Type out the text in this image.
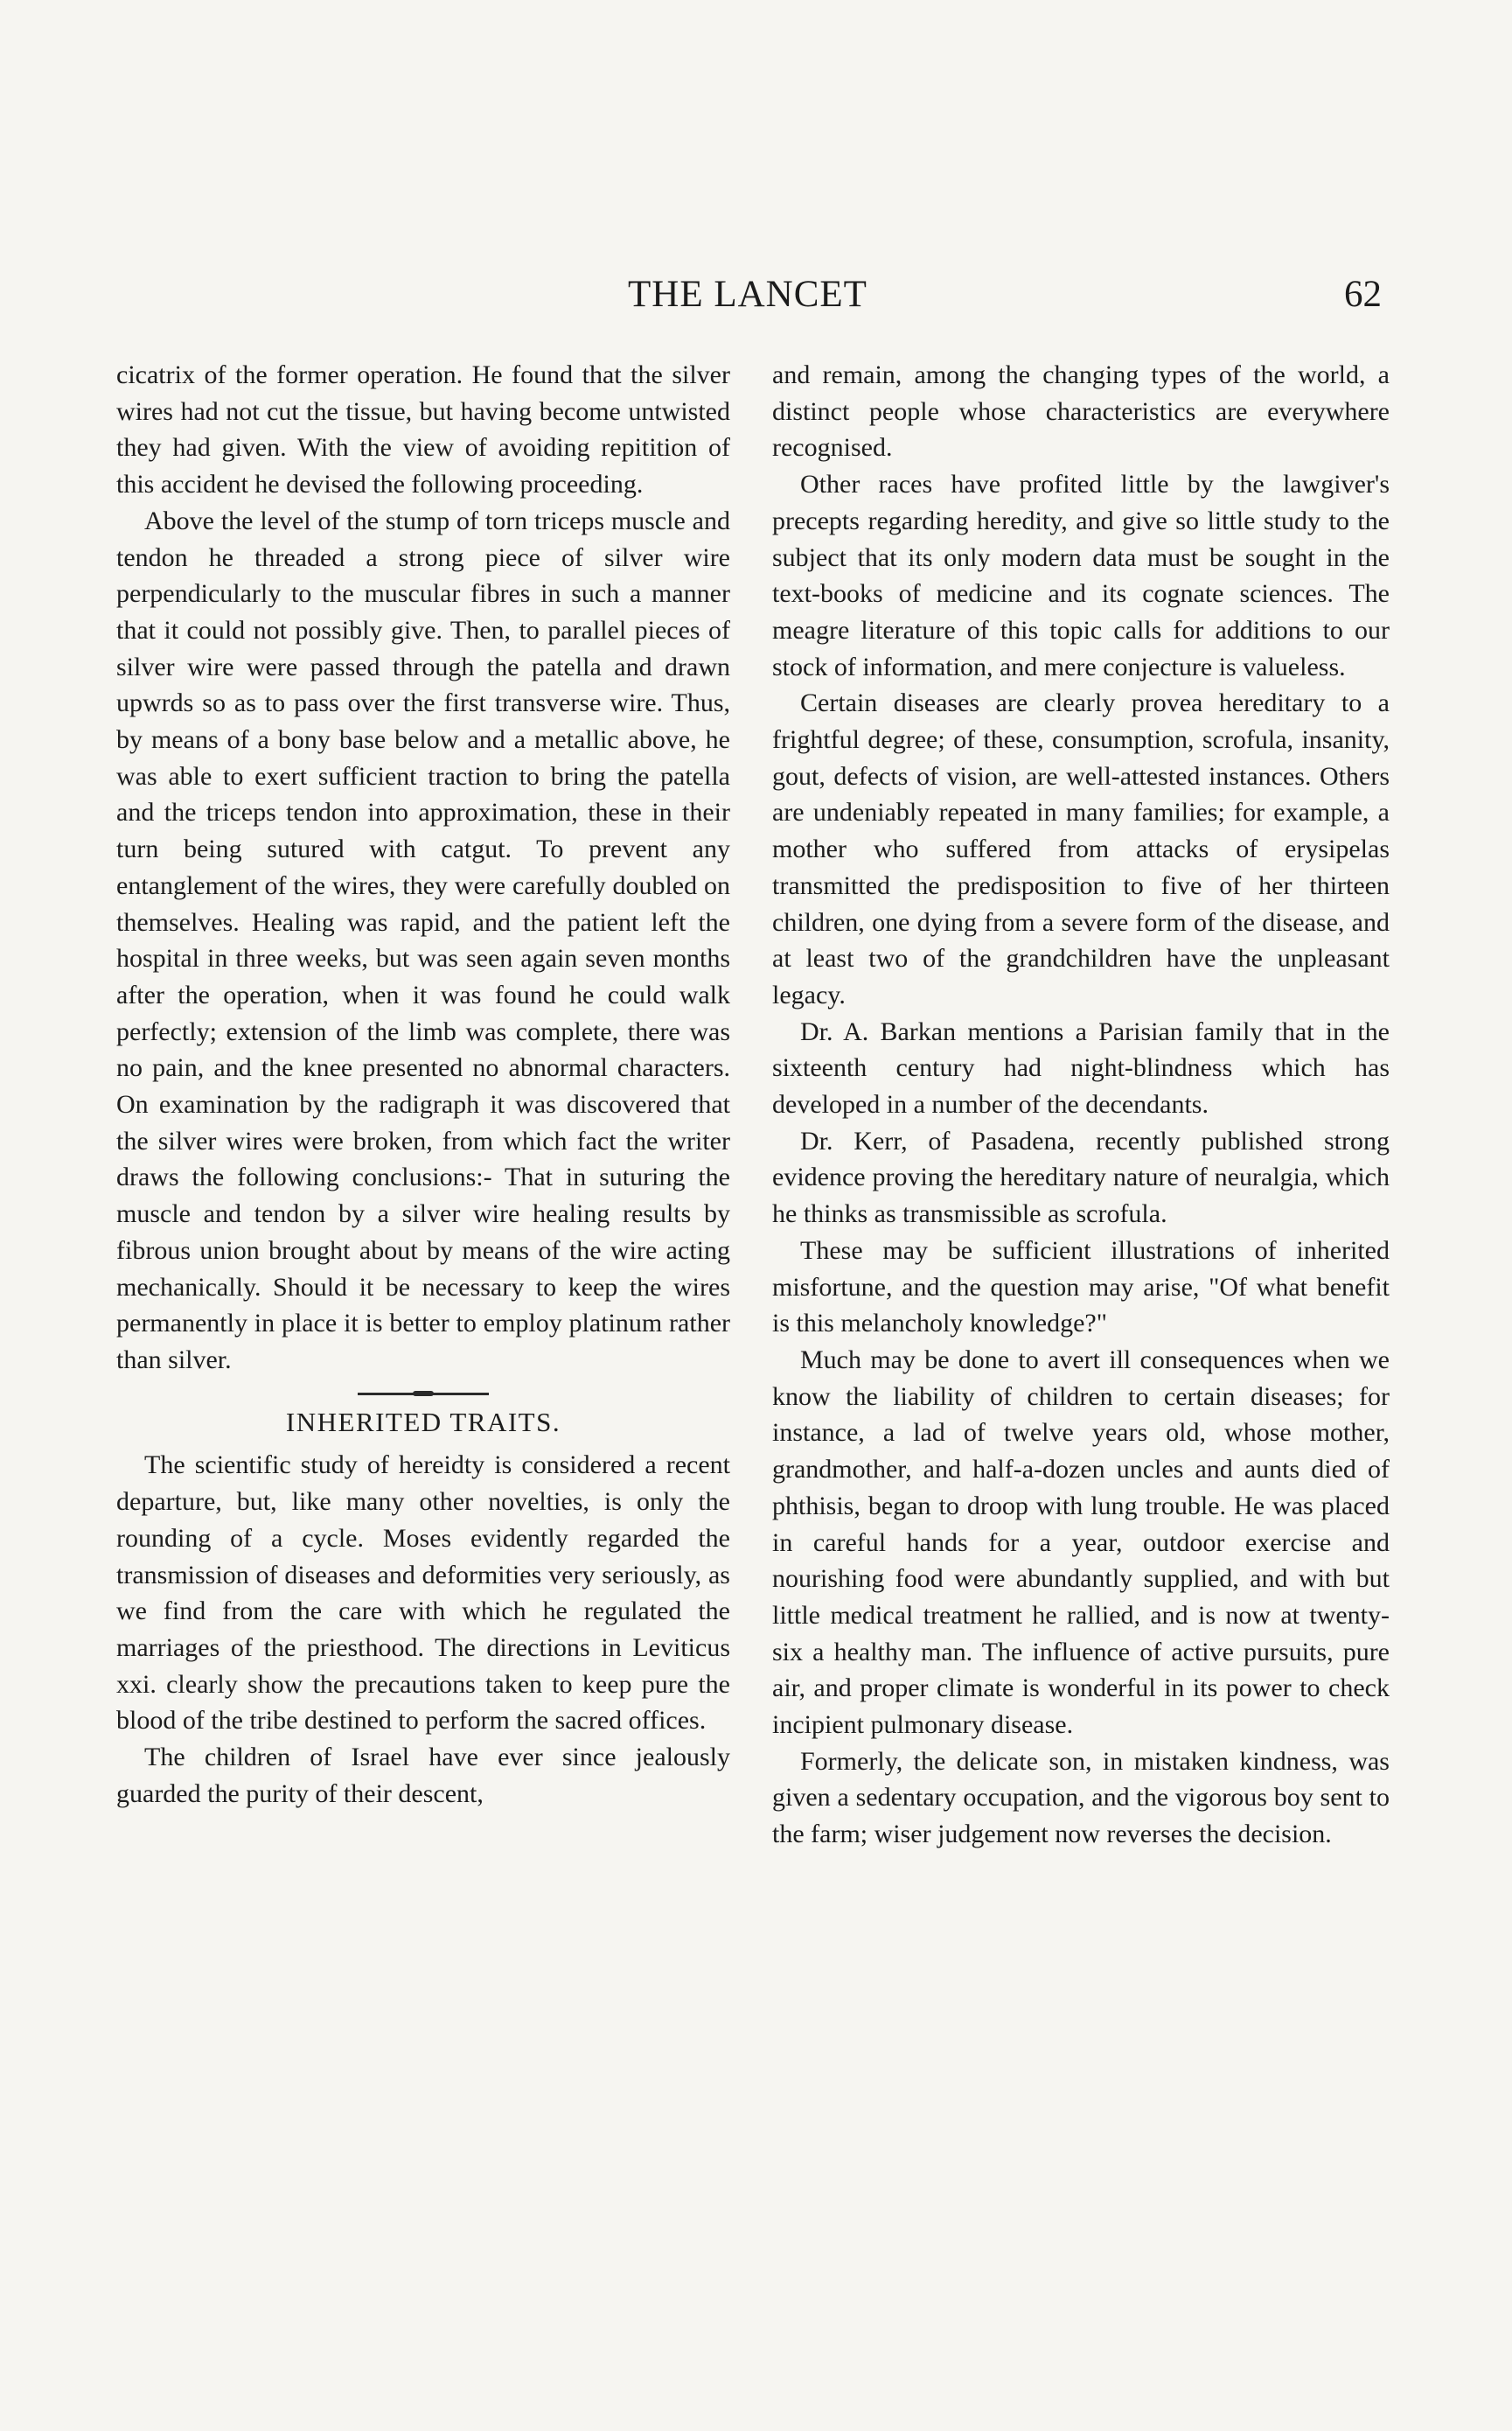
THE LANCET	62

cicatrix of the former operation. He found that the silver wires had not cut the tissue, but having become untwisted they had given. With the view of avoiding repitition of this accident he devised the following proceeding.

Above the level of the stump of torn triceps muscle and tendon he threaded a strong piece of silver wire perpendicularly to the muscular fibres in such a manner that it could not possibly give. Then, to parallel pieces of silver wire were passed through the patella and drawn upwrds so as to pass over the first transverse wire. Thus, by means of a bony base below and a metallic above, he was able to exert sufficient traction to bring the patella and the triceps tendon into approximation, these in their turn being sutured with catgut. To prevent any entanglement of the wires, they were carefully doubled on themselves. Healing was rapid, and the patient left the hospital in three weeks, but was seen again seven months after the operation, when it was found he could walk perfectly; extension of the limb was complete, there was no pain, and the knee presented no abnormal characters. On examination by the radigraph it was discovered that the silver wires were broken, from which fact the writer draws the following conclusions:- That in suturing the muscle and tendon by a silver wire healing results by fibrous union brought about by means of the wire acting mechanically. Should it be necessary to keep the wires permanently in place it is better to employ platinum rather than silver.

INHERITED TRAITS.

The scientific study of hereidty is considered a recent departure, but, like many other novelties, is only the rounding of a cycle. Moses evidently regarded the transmission of diseases and deformities very seriously, as we find from the care with which he regulated the marriages of the priesthood. The directions in Leviticus xxi. clearly show the precautions taken to keep pure the blood of the tribe destined to perform the sacred offices.

The children of Israel have ever since jealously guarded the purity of their descent,

and remain, among the changing types of the world, a distinct people whose characteristics are everywhere recognised.

Other races have profited little by the lawgiver's precepts regarding heredity, and give so little study to the subject that its only modern data must be sought in the text-books of medicine and its cognate sciences. The meagre literature of this topic calls for additions to our stock of information, and mere conjecture is valueless.

Certain diseases are clearly provea hereditary to a frightful degree; of these, consumption, scrofula, insanity, gout, defects of vision, are well-attested instances. Others are undeniably repeated in many families; for example, a mother who suffered from attacks of erysipelas transmitted the predisposition to five of her thirteen children, one dying from a severe form of the disease, and at least two of the grandchildren have the unpleasant legacy.

Dr. A. Barkan mentions a Parisian family that in the sixteenth century had night-blindness which has developed in a number of the decendants.

Dr. Kerr, of Pasadena, recently published strong evidence proving the hereditary nature of neuralgia, which he thinks as transmissible as scrofula.

These may be sufficient illustrations of inherited misfortune, and the question may arise, "Of what benefit is this melancholy knowledge?"

Much may be done to avert ill consequences when we know the liability of children to certain diseases; for instance, a lad of twelve years old, whose mother, grandmother, and half-a-dozen uncles and aunts died of phthisis, began to droop with lung trouble. He was placed in careful hands for a year, outdoor exercise and nourishing food were abundantly supplied, and with but little medical treatment he rallied, and is now at twenty-six a healthy man. The influence of active pursuits, pure air, and proper climate is wonderful in its power to check incipient pulmonary disease.

Formerly, the delicate son, in mistaken kindness, was given a sedentary occupation, and the vigorous boy sent to the farm; wiser judgement now reverses the decision.
